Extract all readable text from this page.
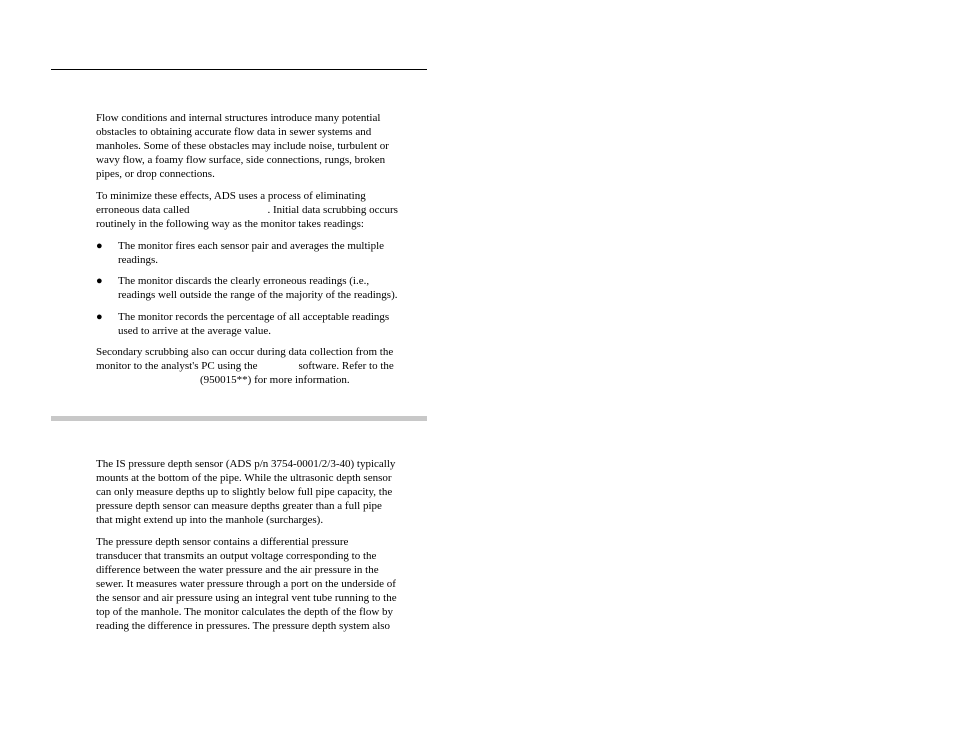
Flow conditions and internal structures introduce many potential

obstacles to obtaining accurate flow data in sewer systems and

manholes. Some of these obstacles may include noise, turbulent or

wavy flow, a foamy flow surface, side connections, rungs, broken

pipes, or drop connections.

To minimize these effects, ADS uses a process of eliminating

erroneous data called	. Initial data scrubbing occurs

routinely in the following way as the monitor takes readings:

● The monitor fires each sensor pair and averages the multiple

readings.

● The monitor discards the clearly erroneous readings (i.e.,

readings well outside the range of the majority of the readings).

● The monitor records the percentage of all acceptable readings

used to arrive at the average value.

Secondary scrubbing also can occur during data collection from the

monitor to the analyst's PC using the	software. Refer to the

(950015**) for more information.

The IS pressure depth sensor (ADS p/n 3754-0001/2/3-40) typically

mounts at the bottom of the pipe. While the ultrasonic depth sensor

can only measure depths up to slightly below full pipe capacity, the

pressure depth sensor can measure depths greater than a full pipe

that might extend up into the manhole (surcharges).

The pressure depth sensor contains a differential pressure

transducer that transmits an output voltage corresponding to the

difference between the water pressure and the air pressure in the

sewer. It measures water pressure through a port on the underside of

the sensor and air pressure using an integral vent tube running to the

top of the manhole. The monitor calculates the depth of the flow by

reading the difference in pressures. The pressure depth system also
